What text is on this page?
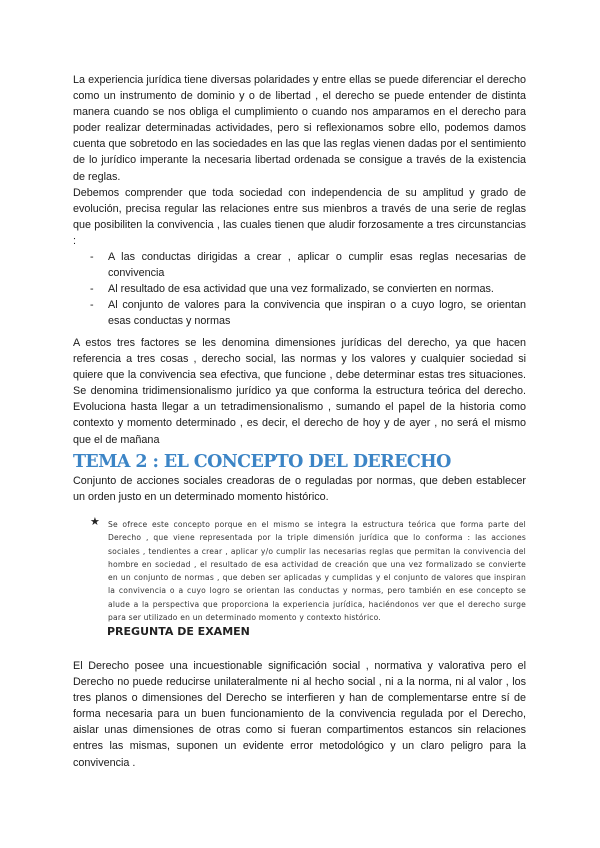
La experiencia jurídica tiene diversas polaridades y entre ellas se puede diferenciar el derecho como un instrumento de dominio y o de libertad , el derecho se puede entender de distinta manera cuando se nos obliga el cumplimiento o cuando nos amparamos en el derecho para poder realizar determinadas actividades, pero si reflexionamos sobre ello, podemos damos cuenta que sobretodo en las sociedades en las que las reglas vienen dadas por el sentimiento de lo jurídico imperante la necesaria libertad ordenada se consigue a través de la existencia de reglas.

Debemos comprender que toda sociedad con independencia de su amplitud y grado de evolución, precisa regular las relaciones entre sus mienbros a través de una serie de reglas que posibiliten la convivencia , las cuales tienen que aludir forzosamente a tres circunstancias :

- A las conductas dirigidas a crear , aplicar o cumplir esas reglas necesarias de convivencia
- Al resultado de esa actividad que una vez formalizado, se convierten en normas.
- Al conjunto de valores para la convivencia que inspiran o a cuyo logro, se orientan esas conductas y normas

A estos tres factores se les denomina dimensiones jurídicas del derecho, ya que hacen referencia a tres cosas , derecho social, las normas y los valores y cualquier sociedad si quiere que la convivencia sea efectiva, que funcione , debe determinar estas tres situaciones. Se denomina tridimensionalismo jurídico ya que conforma la estructura teórica del derecho. Evoluciona hasta llegar a un tetradimensionalismo , sumando el papel de la historia como contexto y momento determinado , es decir, el derecho de hoy y de ayer , no será el mismo que el de mañana

TEMA 2 : EL CONCEPTO DEL DERECHO

Conjunto de acciones sociales creadoras de o reguladas por normas, que deben establecer un orden justo en un determinado momento histórico.

★ Se ofrece este concepto porque en el mismo se integra la estructura teórica que forma parte del Derecho , que viene representada por la triple dimensión jurídica que lo conforma : las acciones sociales , tendientes a crear , aplicar y/o cumplir las necesarias reglas que permitan la convivencia del hombre en sociedad , el resultado de esa actividad de creación que una vez formalizado se convierte en un conjunto de normas , que deben ser aplicadas y cumplidas y el conjunto de valores que inspiran la convivencia o a cuyo logro se orientan las conductas y normas, pero también en ese concepto se alude a la perspectiva que proporciona la experiencia jurídica, haciéndonos ver que el derecho surge para ser utilizado en un determinado momento y contexto histórico.

PREGUNTA DE EXAMEN

El Derecho posee una incuestionable significación social , normativa y valorativa pero el Derecho no puede reducirse unilateralmente ni al hecho social , ni a la norma, ni al valor , los tres planos o dimensiones del Derecho se interfieren y han de complementarse entre sí de forma necesaria para un buen funcionamiento de la convivencia regulada por el Derecho, aislar unas dimensiones de otras como si fueran compartimentos estancos sin relaciones entres las mismas, suponen un evidente error metodológico y un claro peligro para la convivencia .
